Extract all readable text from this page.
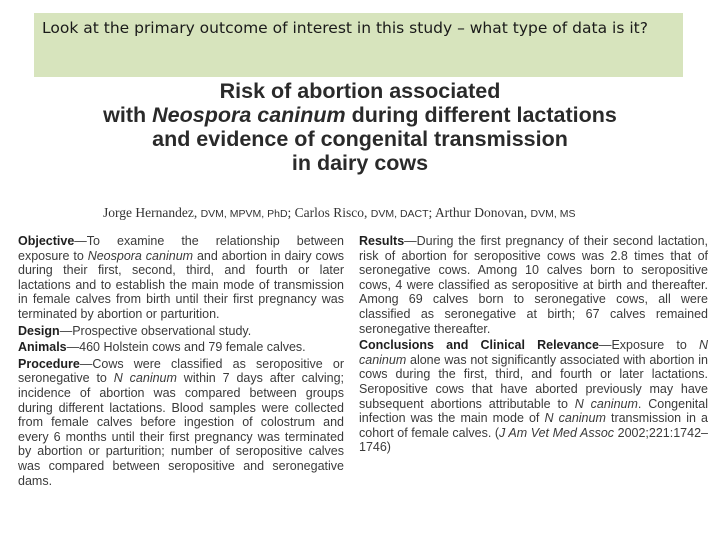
Look at the primary outcome of interest in this study – what type of data is it?
Risk of abortion associated
with Neospora caninum during different lactations
and evidence of congenital transmission
in dairy cows
Jorge Hernandez, DVM, MPVM, PhD; Carlos Risco, DVM, DACT; Arthur Donovan, DVM, MS

Objective—To examine the relationship between exposure to Neospora caninum and abortion in dairy cows during their first, second, third, and fourth or later lactations and to establish the main mode of transmission in female calves from birth until their first pregnancy was terminated by abortion or parturition.

Design—Prospective observational study.

Animals—460 Holstein cows and 79 female calves.

Procedure—Cows were classified as seropositive or seronegative to N caninum within 7 days after calving; incidence of abortion was compared between groups during different lactations. Blood samples were collected from female calves before ingestion of colostrum and every 6 months until their first pregnancy was terminated by abortion or parturition; number of seropositive calves was compared between seropositive and seronegative dams.

Results—During the first pregnancy of their second lactation, risk of abortion for seropositive cows was 2.8 times that of seronegative cows. Among 10 calves born to seropositive cows, 4 were classified as seropositive at birth and thereafter. Among 69 calves born to seronegative cows, all were classified as seronegative at birth; 67 calves remained seronegative thereafter.

Conclusions and Clinical Relevance—Exposure to N caninum alone was not significantly associated with abortion in cows during the first, third, and fourth or later lactations. Seropositive cows that have aborted previously may have subsequent abortions attributable to N caninum. Congenital infection was the main mode of N caninum transmission in a cohort of female calves. (J Am Vet Med Assoc 2002;221:1742–1746)
